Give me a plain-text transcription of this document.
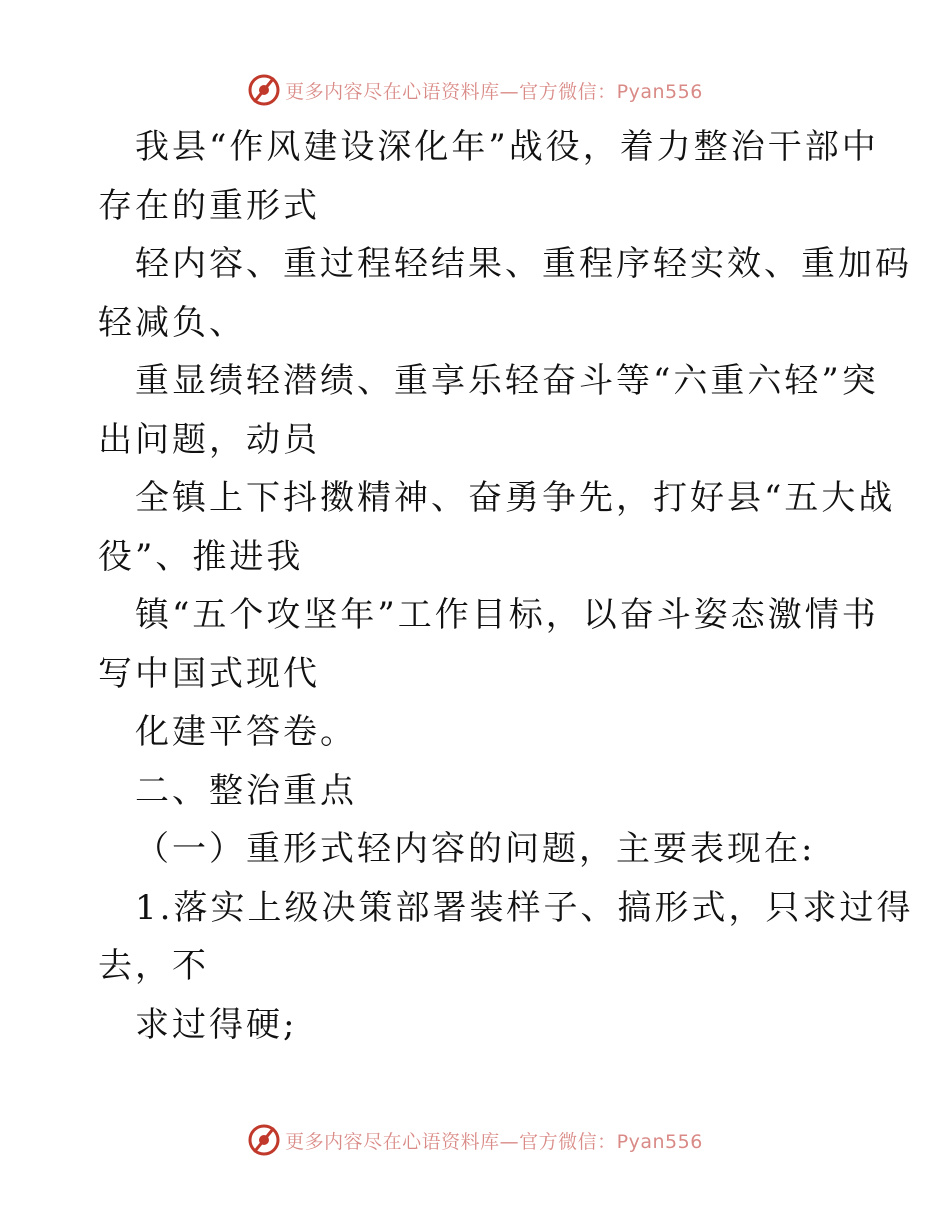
更多内容尽在心语资料库—官方微信：Pyan556
我县“作风建设深化年”战役，着力整治干部中
存在的重形式
轻内容、重过程轻结果、重程序轻实效、重加码
轻减负、
重显绩轻潜绩、重享乐轻奋斗等“六重六轻”突
出问题，动员
全镇上下抖擞精神、奋勇争先，打好县“五大战
役”、推进我
镇“五个攻坚年”工作目标，以奋斗姿态激情书
写中国式现代
化建平答卷。
二、整治重点
（一）重形式轻内容的问题，主要表现在:
1.落实上级决策部署装样子、搞形式，只求过得
去，不
求过得硬;
更多内容尽在心语资料库—官方微信：Pyan556
